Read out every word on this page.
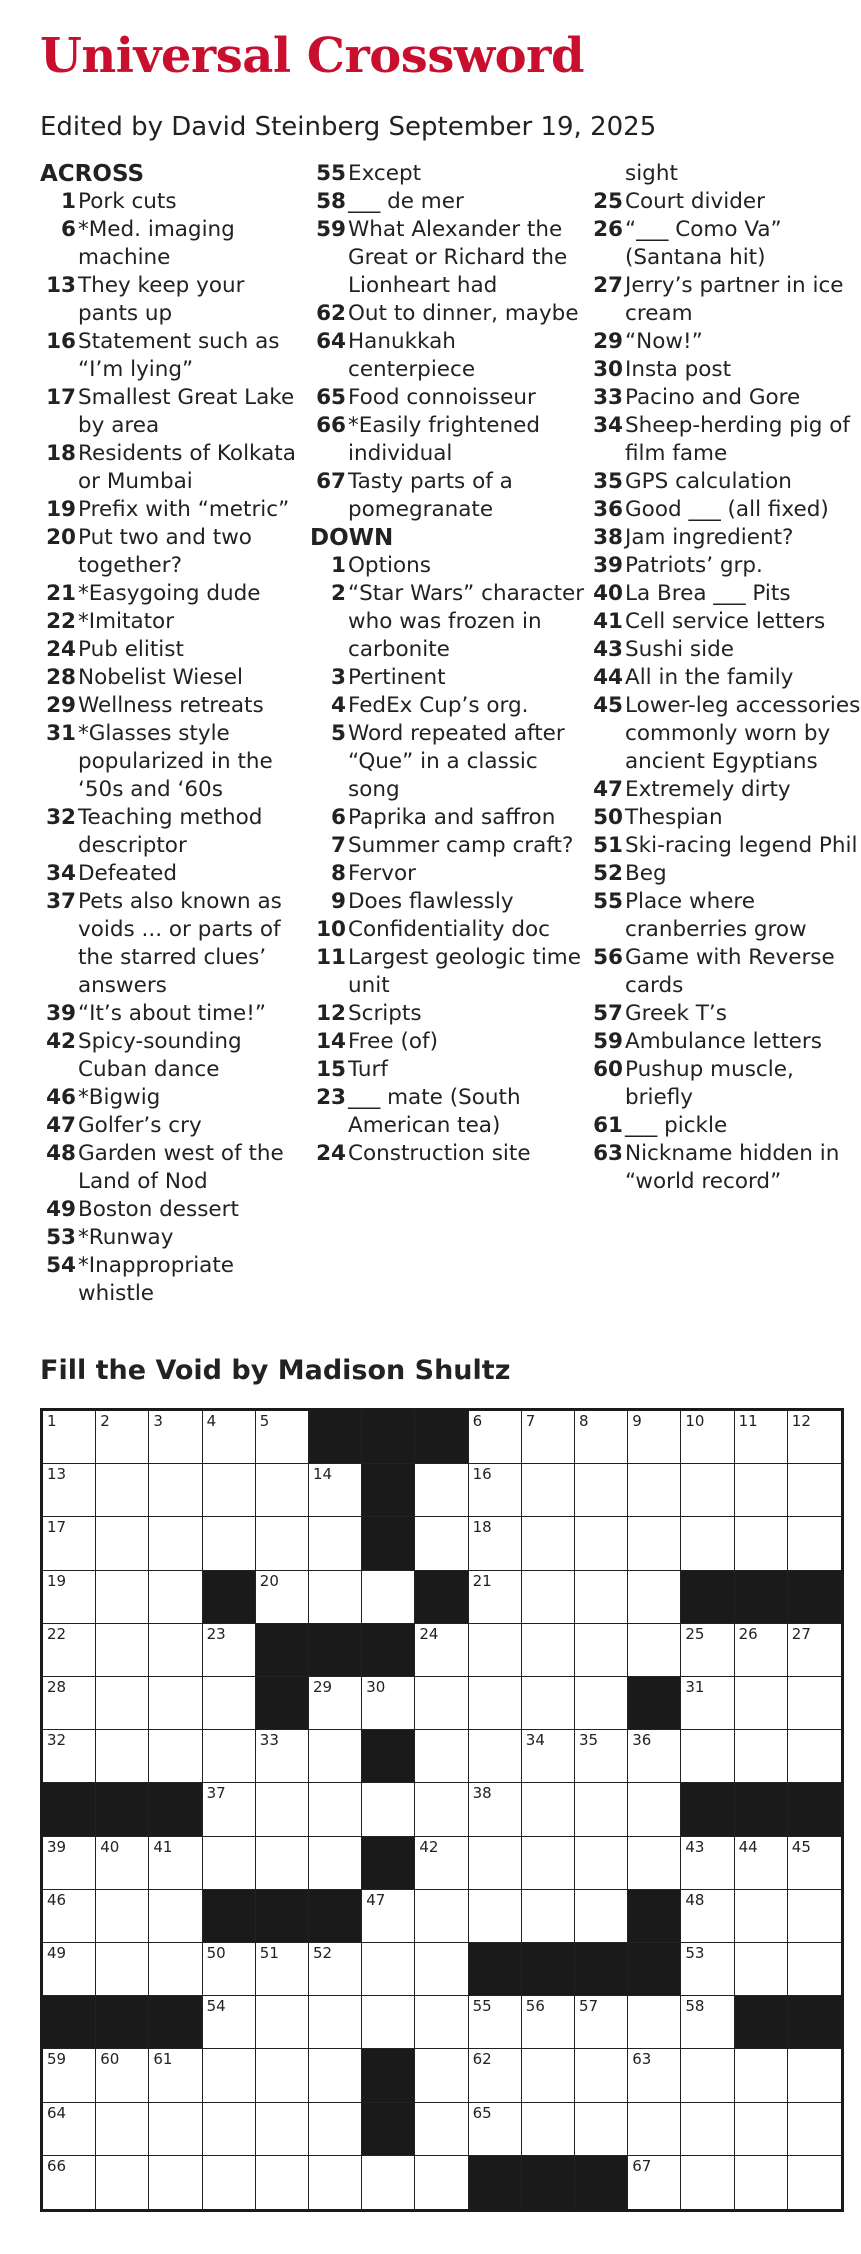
Universal Crossword
Edited by David Steinberg September 19, 2025
ACROSS
1 Pork cuts
6 *Med. imaging machine
13 They keep your pants up
16 Statement such as “I’m lying”
17 Smallest Great Lake by area
18 Residents of Kolkata or Mumbai
19 Prefix with “metric”
20 Put two and two together?
21 *Easygoing dude
22 *Imitator
24 Pub elitist
28 Nobelist Wiesel
29 Wellness retreats
31 *Glasses style popularized in the ‘50s and ‘60s
32 Teaching method descriptor
34 Defeated
37 Pets also known as voids ... or parts of the starred clues’ answers
39 “It’s about time!”
42 Spicy-sounding Cuban dance
46 *Bigwig
47 Golfer’s cry
48 Garden west of the Land of Nod
49 Boston dessert
53 *Runway
54 *Inappropriate whistle
55 Except
58 ___ de mer
59 What Alexander the Great or Richard the Lionheart had
62 Out to dinner, maybe
64 Hanukkah centerpiece
65 Food connoisseur
66 *Easily frightened individual
67 Tasty parts of a pomegranate
DOWN
1 Options
2 “Star Wars” character who was frozen in carbonite
3 Pertinent
4 FedEx Cup’s org.
5 Word repeated after “Que” in a classic song
6 Paprika and saffron
7 Summer camp craft?
8 Fervor
9 Does flawlessly
10 Confidentiality doc
11 Largest geologic time unit
12 Scripts
14 Free (of)
15 Turf
23 ___ mate (South American tea)
24 Construction site
sight
25 Court divider
26 “___ Como Va” (Santana hit)
27 Jerry’s partner in ice cream
29 “Now!”
30 Insta post
33 Pacino and Gore
34 Sheep-herding pig of film fame
35 GPS calculation
36 Good ___ (all fixed)
38 Jam ingredient?
39 Patriots’ grp.
40 La Brea ___ Pits
41 Cell service letters
43 Sushi side
44 All in the family
45 Lower-leg accessories commonly worn by ancient Egyptians
47 Extremely dirty
50 Thespian
51 Ski-racing legend Phil
52 Beg
55 Place where cranberries grow
56 Game with Reverse cards
57 Greek T’s
59 Ambulance letters
60 Pushup muscle, briefly
61 ___ pickle
63 Nickname hidden in “world record”
Fill the Void by Madison Shultz
1	2	3	4	5	6	7	8	9	10 11 12
13	14	16
17	18
19	20	21
22	23	24	25 26 27
28	29 30	31
32	33	34 35 36
37	38
39 40 41	42	43 44 45
46	47	48
49	50 51 52	53
54	55 56 57	58
59 60 61	62	63
64	65
66	67
